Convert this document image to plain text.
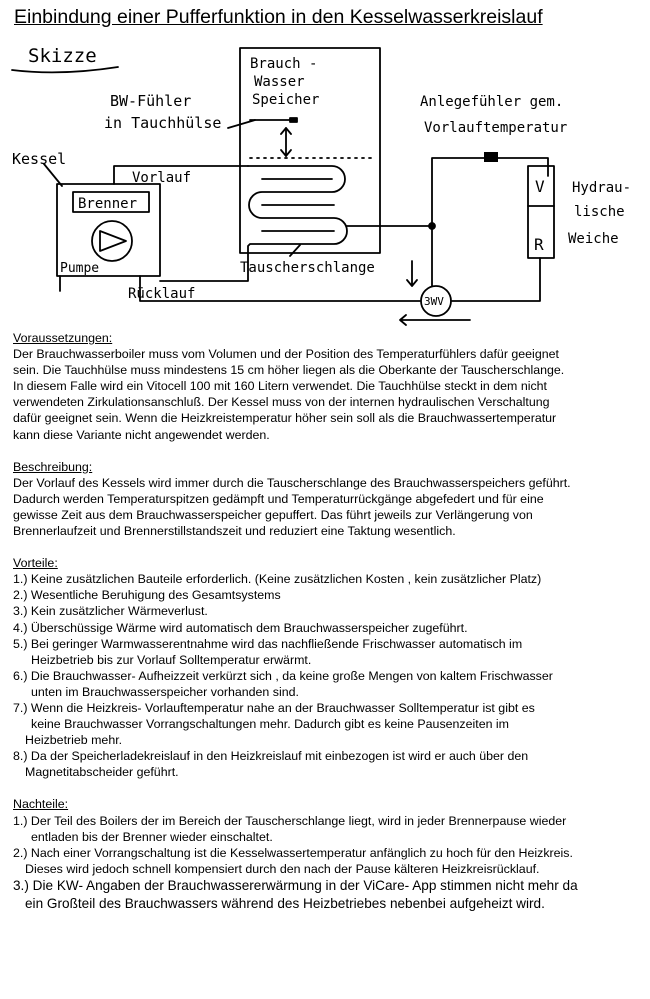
Einbindung einer Pufferfunktion in den Kesselwasserkreislauf
Skizze
BW-Fühler
in Tauchhülse
Brauch -
Wasser
Speicher	Anlegefühler gem.
Vorlauftemperatur
Kessel
Vorlauf
Brenner
Pumpe
Rücklauf
Tauscherschlange
V
R
Hydrau-
lische
Weiche
3WV
Voraussetzungen:
Der Brauchwasserboiler muss vom Volumen und der Position des Temperaturfühlers dafür geeignet
sein. Die Tauchhülse muss mindestens 15 cm höher liegen als die Oberkante der Tauscherschlange.
In diesem Falle wird ein Vitocell 100 mit 160 Litern verwendet. Die Tauchhülse steckt in dem nicht
verwendeten Zirkulationsanschluß. Der Kessel muss von der internen hydraulischen Verschaltung
dafür geeignet sein. Wenn die Heizkreistemperatur höher sein soll als die Brauchwassertemperatur
kann diese Variante nicht angewendet werden.
Beschreibung:
Der Vorlauf des Kessels wird immer durch die Tauscherschlange des Brauchwasserspeichers geführt.
Dadurch werden Temperaturspitzen gedämpft und Temperaturrückgänge abgefedert und für eine
gewisse Zeit aus dem Brauchwasserspeicher gepuffert. Das führt jeweils zur Verlängerung von
Brennerlaufzeit und Brennerstillstandszeit und reduziert eine Taktung wesentlich.
Vorteile:
1.) Keine zusätzlichen Bauteile erforderlich. (Keine zusätzlichen Kosten , kein zusätzlicher Platz)
2.) Wesentliche Beruhigung des Gesamtsystems
3.) Kein zusätzlicher Wärmeverlust.
4.) Überschüssige Wärme wird automatisch dem Brauchwasserspeicher zugeführt.
5.) Bei geringer Warmwasserentnahme wird das nachfließende Frischwasser automatisch im
Heizbetrieb bis zur Vorlauf Solltemperatur erwärmt.
6.) Die Brauchwasser- Aufheizzeit verkürzt sich , da keine große Mengen von kaltem Frischwasser
unten im Brauchwasserspeicher vorhanden sind.
7.) Wenn die Heizkreis- Vorlauftemperatur nahe an der Brauchwasser Solltemperatur ist gibt es
keine Brauchwasser Vorrangschaltungen mehr. Dadurch gibt es keine Pausenzeiten im
Heizbetrieb mehr.
8.) Da der Speicherladekreislauf in den Heizkreislauf mit einbezogen ist wird er auch über den
Magnetitabscheider geführt.
Nachteile:
1.) Der Teil des Boilers der im Bereich der Tauscherschlange liegt, wird in jeder Brennerpause wieder
entladen bis der Brenner wieder einschaltet.
2.) Nach einer Vorrangschaltung ist die Kesselwassertemperatur anfänglich zu hoch für den Heizkreis.
Dieses wird jedoch schnell kompensiert durch den nach der Pause kälteren Heizkreisrücklauf.
3.) Die KW- Angaben der Brauchwassererwärmung in der ViCare- App stimmen nicht mehr da
ein Großteil des Brauchwassers während des Heizbetriebes nebenbei aufgeheizt wird.
